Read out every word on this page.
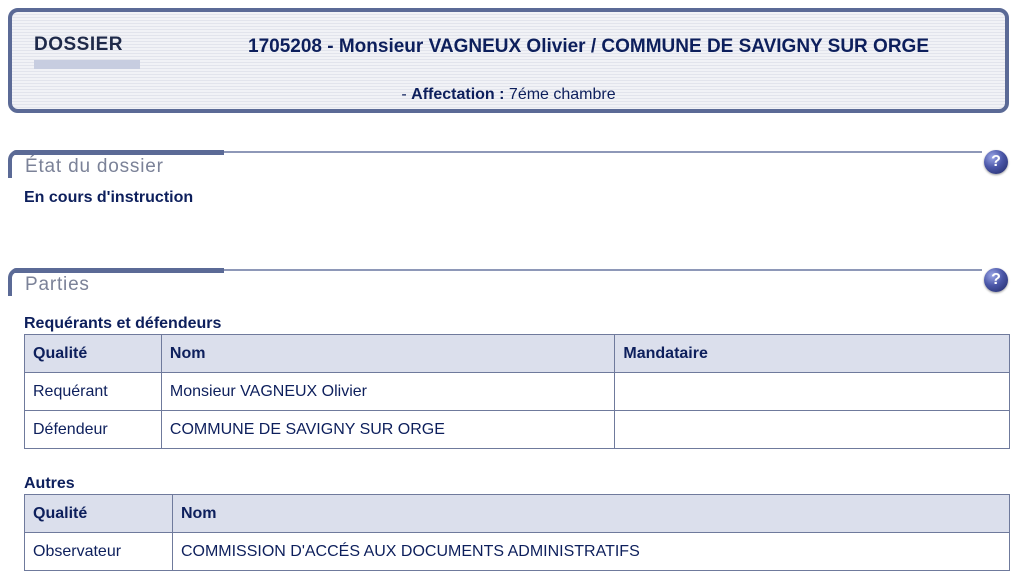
DOSSIER	1705208 - Monsieur VAGNEUX Olivier / COMMUNE DE SAVIGNY SUR ORGE
- Affectation : 7éme chambre
État du dossier	?
En cours d'instruction
Parties	?
Requérants et défendeurs
Qualité	Nom	Mandataire
Requérant	Monsieur VAGNEUX Olivier	
Défendeur	COMMUNE DE SAVIGNY SUR ORGE	
Autres
Qualité	Nom
Observateur	COMMISSION D'ACCÉS AUX DOCUMENTS ADMINISTRATIFS
